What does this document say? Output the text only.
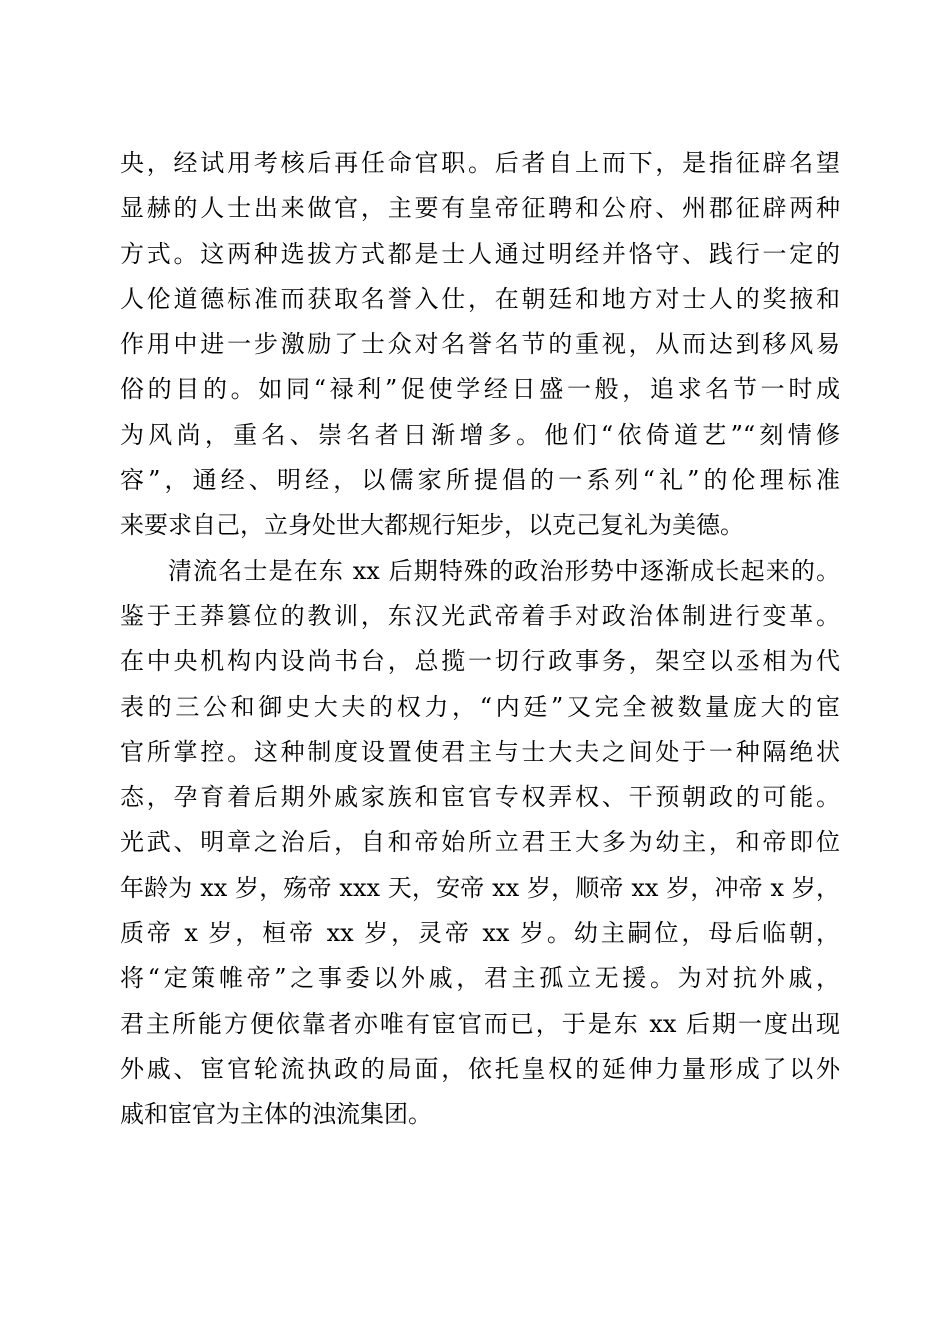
央，经试用考核后再任命官职。后者自上而下，是指征辟名望
显赫的人士出来做官，主要有皇帝征聘和公府、州郡征辟两种
方式。这两种选拔方式都是士人通过明经并恪守、践行一定的
人伦道德标准而获取名誉入仕，在朝廷和地方对士人的奖掖和
作用中进一步激励了士众对名誉名节的重视，从而达到移风易
俗的目的。如同“禄利”促使学经日盛一般，追求名节一时成
为风尚，重名、崇名者日渐增多。他们“依倚道艺”“刻情修
容”，通经、明经，以儒家所提倡的一系列“礼”的伦理标准
来要求自己，立身处世大都规行矩步，以克己复礼为美德。
清流名士是在东 xx 后期特殊的政治形势中逐渐成长起来的。
鉴于王莽篡位的教训，东汉光武帝着手对政治体制进行变革。
在中央机构内设尚书台，总揽一切行政事务，架空以丞相为代
表的三公和御史大夫的权力，“内廷”又完全被数量庞大的宦
官所掌控。这种制度设置使君主与士大夫之间处于一种隔绝状
态，孕育着后期外戚家族和宦官专权弄权、干预朝政的可能。
光武、明章之治后，自和帝始所立君王大多为幼主，和帝即位
年龄为 xx 岁，殇帝 xxx 天，安帝 xx 岁，顺帝 xx 岁，冲帝 x 岁，
质帝 x 岁，桓帝 xx 岁，灵帝 xx 岁。幼主嗣位，母后临朝，
将“定策帷帝”之事委以外戚，君主孤立无援。为对抗外戚，
君主所能方便依靠者亦唯有宦官而已，于是东 xx 后期一度出现
外戚、宦官轮流执政的局面，依托皇权的延伸力量形成了以外
戚和宦官为主体的浊流集团。
